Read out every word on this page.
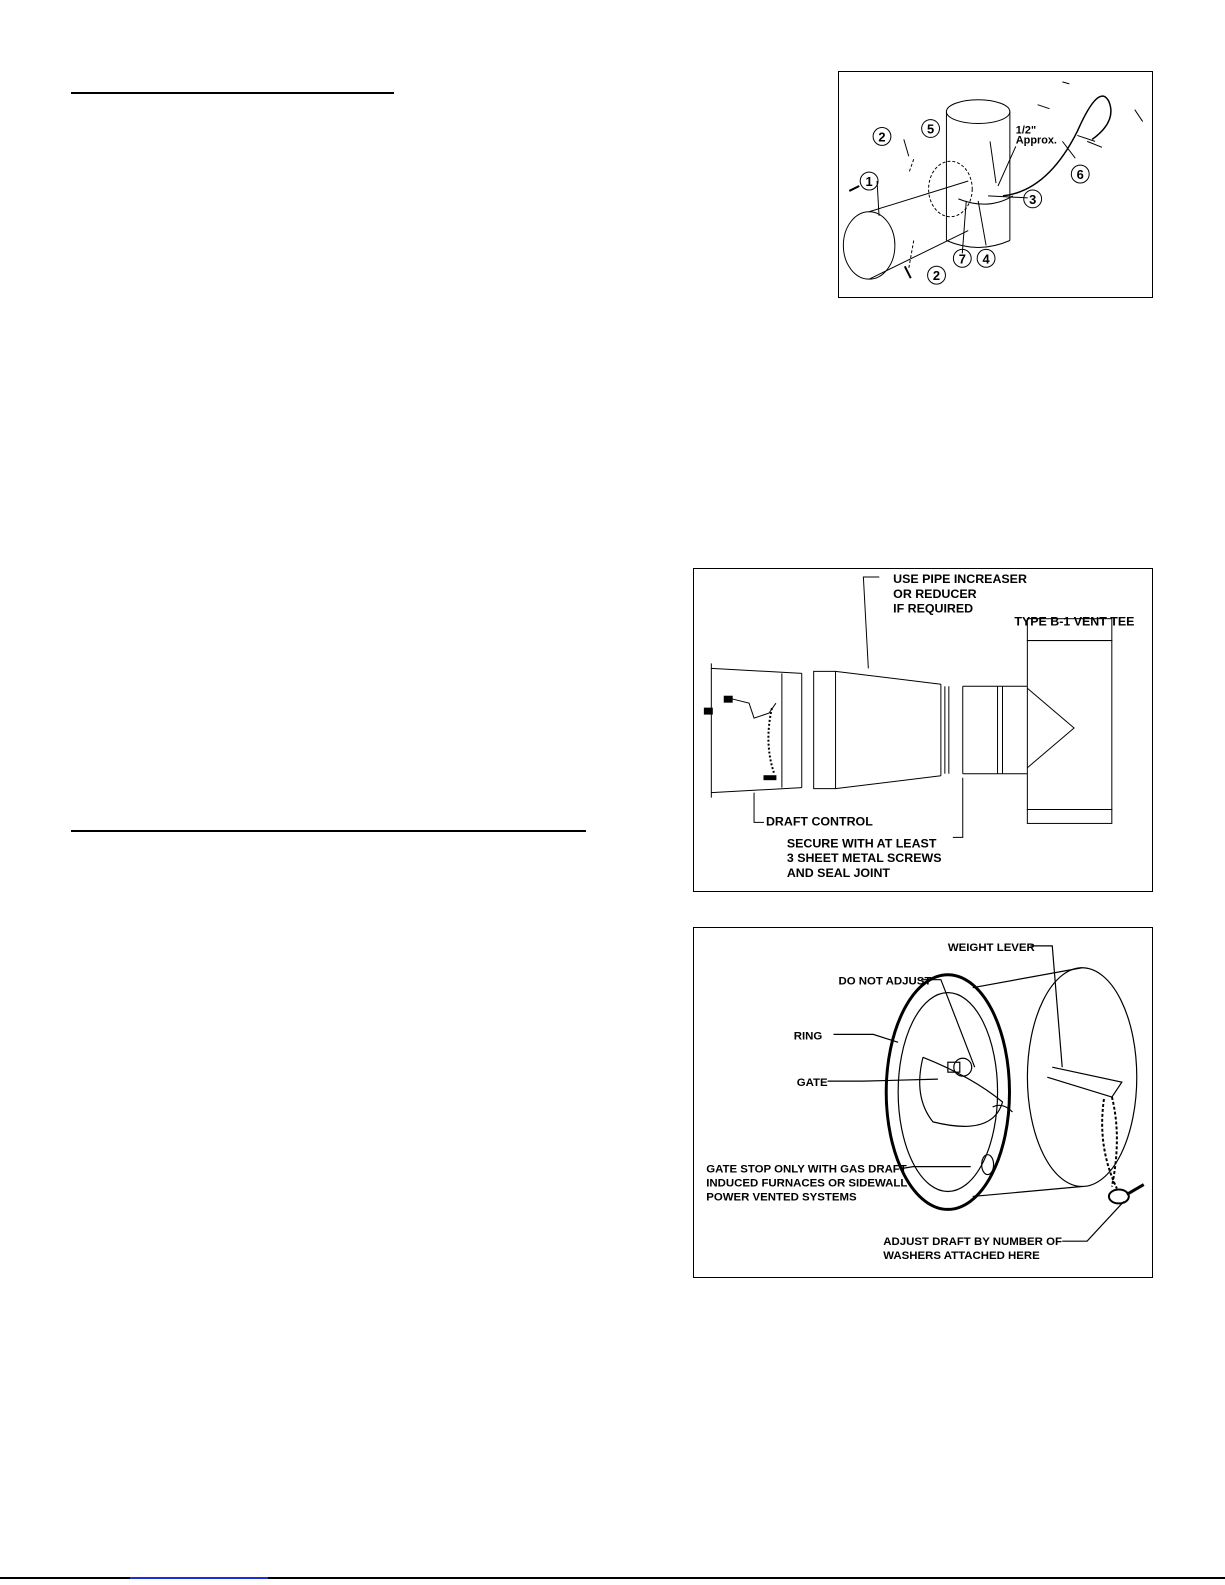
1
2
2
3
4
5
6
7
1/2"
Approx.
USE PIPE INCREASER
OR REDUCER
IF REQUIRED
TYPE B-1 VENT TEE
DRAFT CONTROL
SECURE WITH AT LEAST
3 SHEET METAL SCREWS
AND SEAL JOINT
WEIGHT LEVER
DO NOT ADJUST
RING
GATE
GATE STOP ONLY WITH GAS DRAFT
INDUCED FURNACES OR SIDEWALL
POWER VENTED SYSTEMS
ADJUST DRAFT BY NUMBER OF
WASHERS ATTACHED HERE
